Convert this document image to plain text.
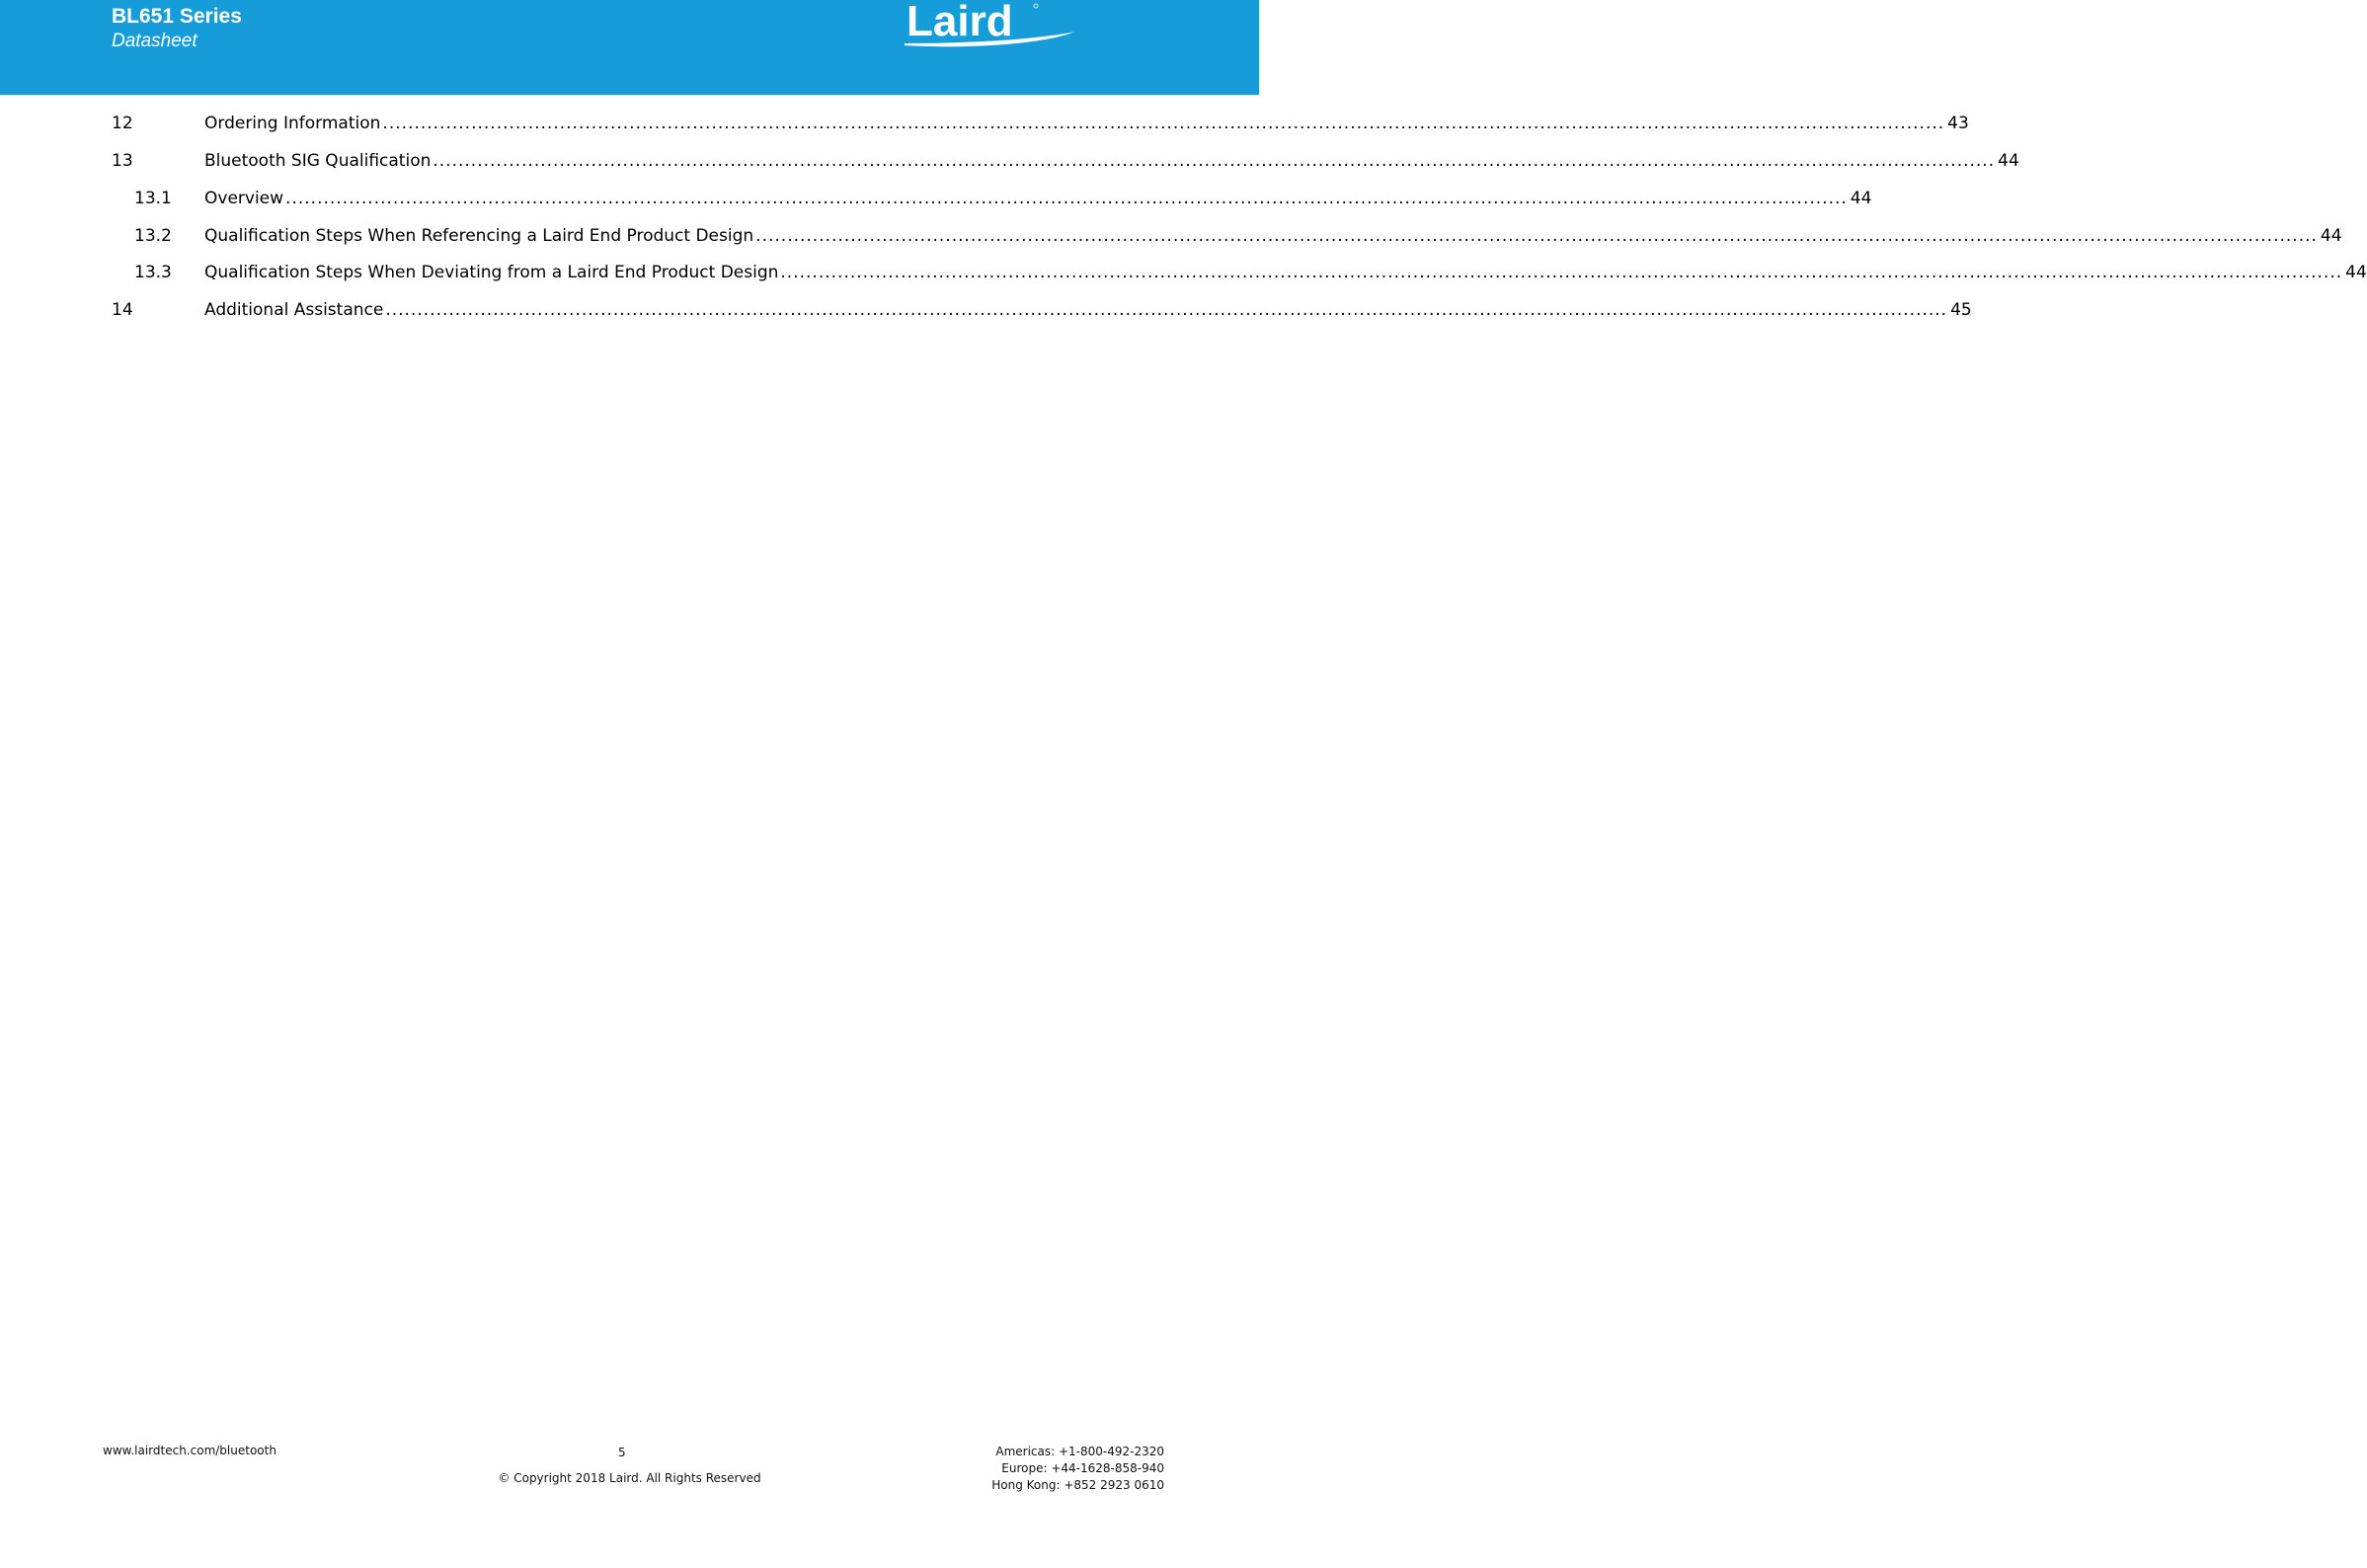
BL651 Series
Datasheet	Laird
12	Ordering Information ....................................................................................................................................................................................................................................................... 43
13	Bluetooth SIG Qualification ....................................................................................................................................................................................................................................................... 44
13.1 Overview ....................................................................................................................................................................................................................................................... 44
13.2 Qualification Steps When Referencing a Laird End Product Design ....................................................................................................................................................................................................................................................... 44
13.3 Qualification Steps When Deviating from a Laird End Product Design ....................................................................................................................................................................................................................................................... 44
14	Additional Assistance ....................................................................................................................................................................................................................................................... 45
www.lairdtech.com/bluetooth	5
© Copyright 2018 Laird. All Rights Reserved
Americas: +1-800-492-2320
Europe: +44-1628-858-940
Hong Kong: +852 2923 0610
